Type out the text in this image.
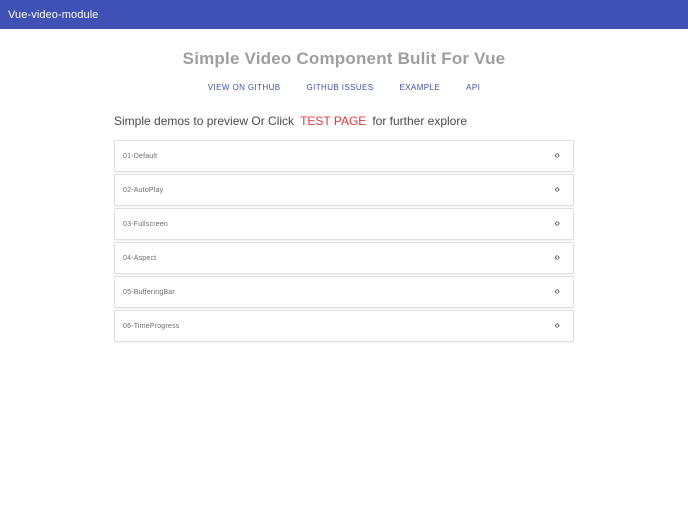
Vue-video-module
Simple Video Component Bulit For Vue
VIEW ON GITHUB	GITHUB ISSUES	EXAMPLE	API
Simple demos to preview Or Click TEST PAGE for further explore
01-Default	‹›
02-AutoPlay	‹›
03-Fullscreen	‹›
04-Aspect	‹›
05-BufferingBar	‹›
06-TimeProgress	‹›
